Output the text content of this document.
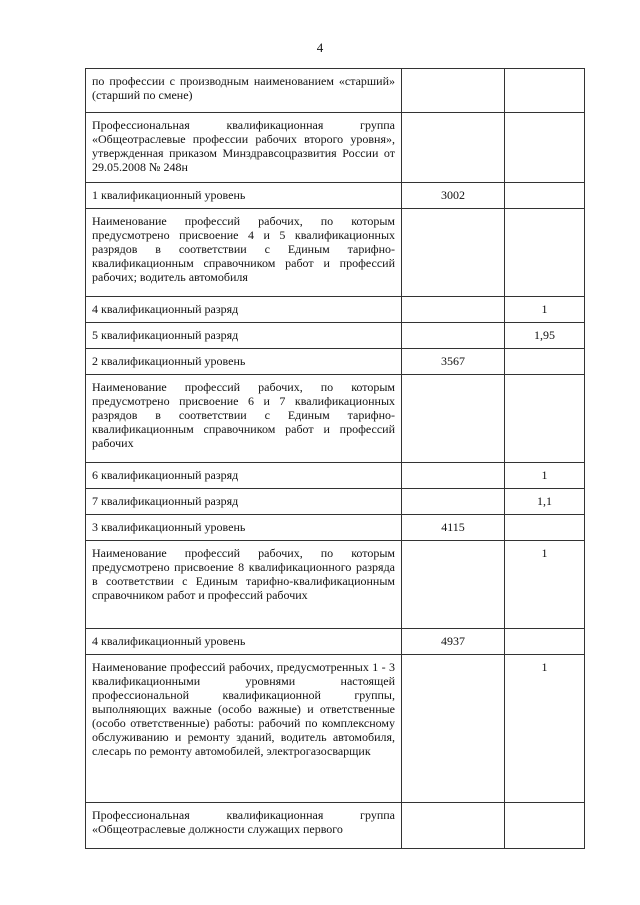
4
по профессии с производным наименованием «старший» (старший по смене)		
Профессиональная квалификационная группа «Общеотраслевые профессии рабочих второго уровня», утвержденная приказом Минздравсоцразвития России от 29.05.2008 № 248н		
1 квалификационный уровень	3002	
Наименование профессий рабочих, по которым предусмотрено присвоение 4 и 5 квалификационных разрядов в соответствии с Единым тарифно-квалификационным справочником работ и профессий рабочих; водитель автомобиля		
4 квалификационный разряд		1
5 квалификационный разряд		1,95
2 квалификационный уровень	3567	
Наименование профессий рабочих, по которым предусмотрено присвоение 6 и 7 квалификационных разрядов в соответствии с Единым тарифно-квалификационным справочником работ и профессий рабочих		
6 квалификационный разряд		1
7 квалификационный разряд		1,1
3 квалификационный уровень	4115	
Наименование профессий рабочих, по которым предусмотрено присвоение 8 квалификационного разряда в соответствии с Единым тарифно-квалификационным справочником работ и профессий рабочих		1
4 квалификационный уровень	4937	
Наименование профессий рабочих, предусмотренных 1 - 3 квалификационными уровнями настоящей профессиональной квалификационной группы, выполняющих важные (особо важные) и ответственные (особо ответственные) работы: рабочий по комплексному обслуживанию и ремонту зданий, водитель автомобиля, слесарь по ремонту автомобилей, электрогазосварщик		1
Профессиональная квалификационная группа «Общеотраслевые должности служащих первого		
